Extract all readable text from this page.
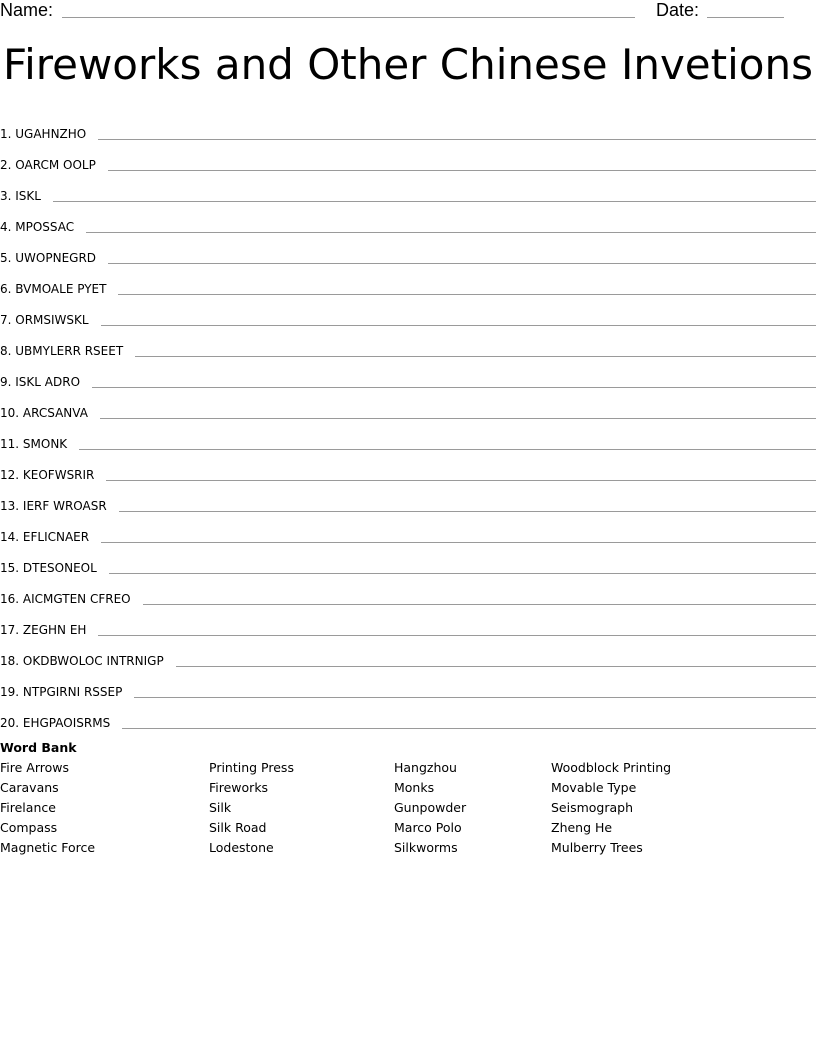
Name:	Date:
Fireworks and Other Chinese Invetions
1. UGAHNZHO
2. OARCM OOLP
3. ISKL
4. MPOSSAC
5. UWOPNEGRD
6. BVMOALE PYET
7. ORMSIWSKL
8. UBMYLERR RSEET
9. ISKL ADRO
10. ARCSANVA
11. SMONK
12. KEOFWSRIR
13. IERF WROASR
14. EFLICNAER
15. DTESONEOL
16. AICMGTEN CFREO
17. ZEGHN EH
18. OKDBWOLOC INTRNIGP
19. NTPGIRNI RSSEP
20. EHGPAOISRMS
Word Bank
Fire Arrows
Caravans
Firelance
Compass
Magnetic Force
Printing Press
Fireworks
Silk
Silk Road
Lodestone
Hangzhou
Monks
Gunpowder
Marco Polo
Silkworms
Woodblock Printing
Movable Type
Seismograph
Zheng He
Mulberry Trees
